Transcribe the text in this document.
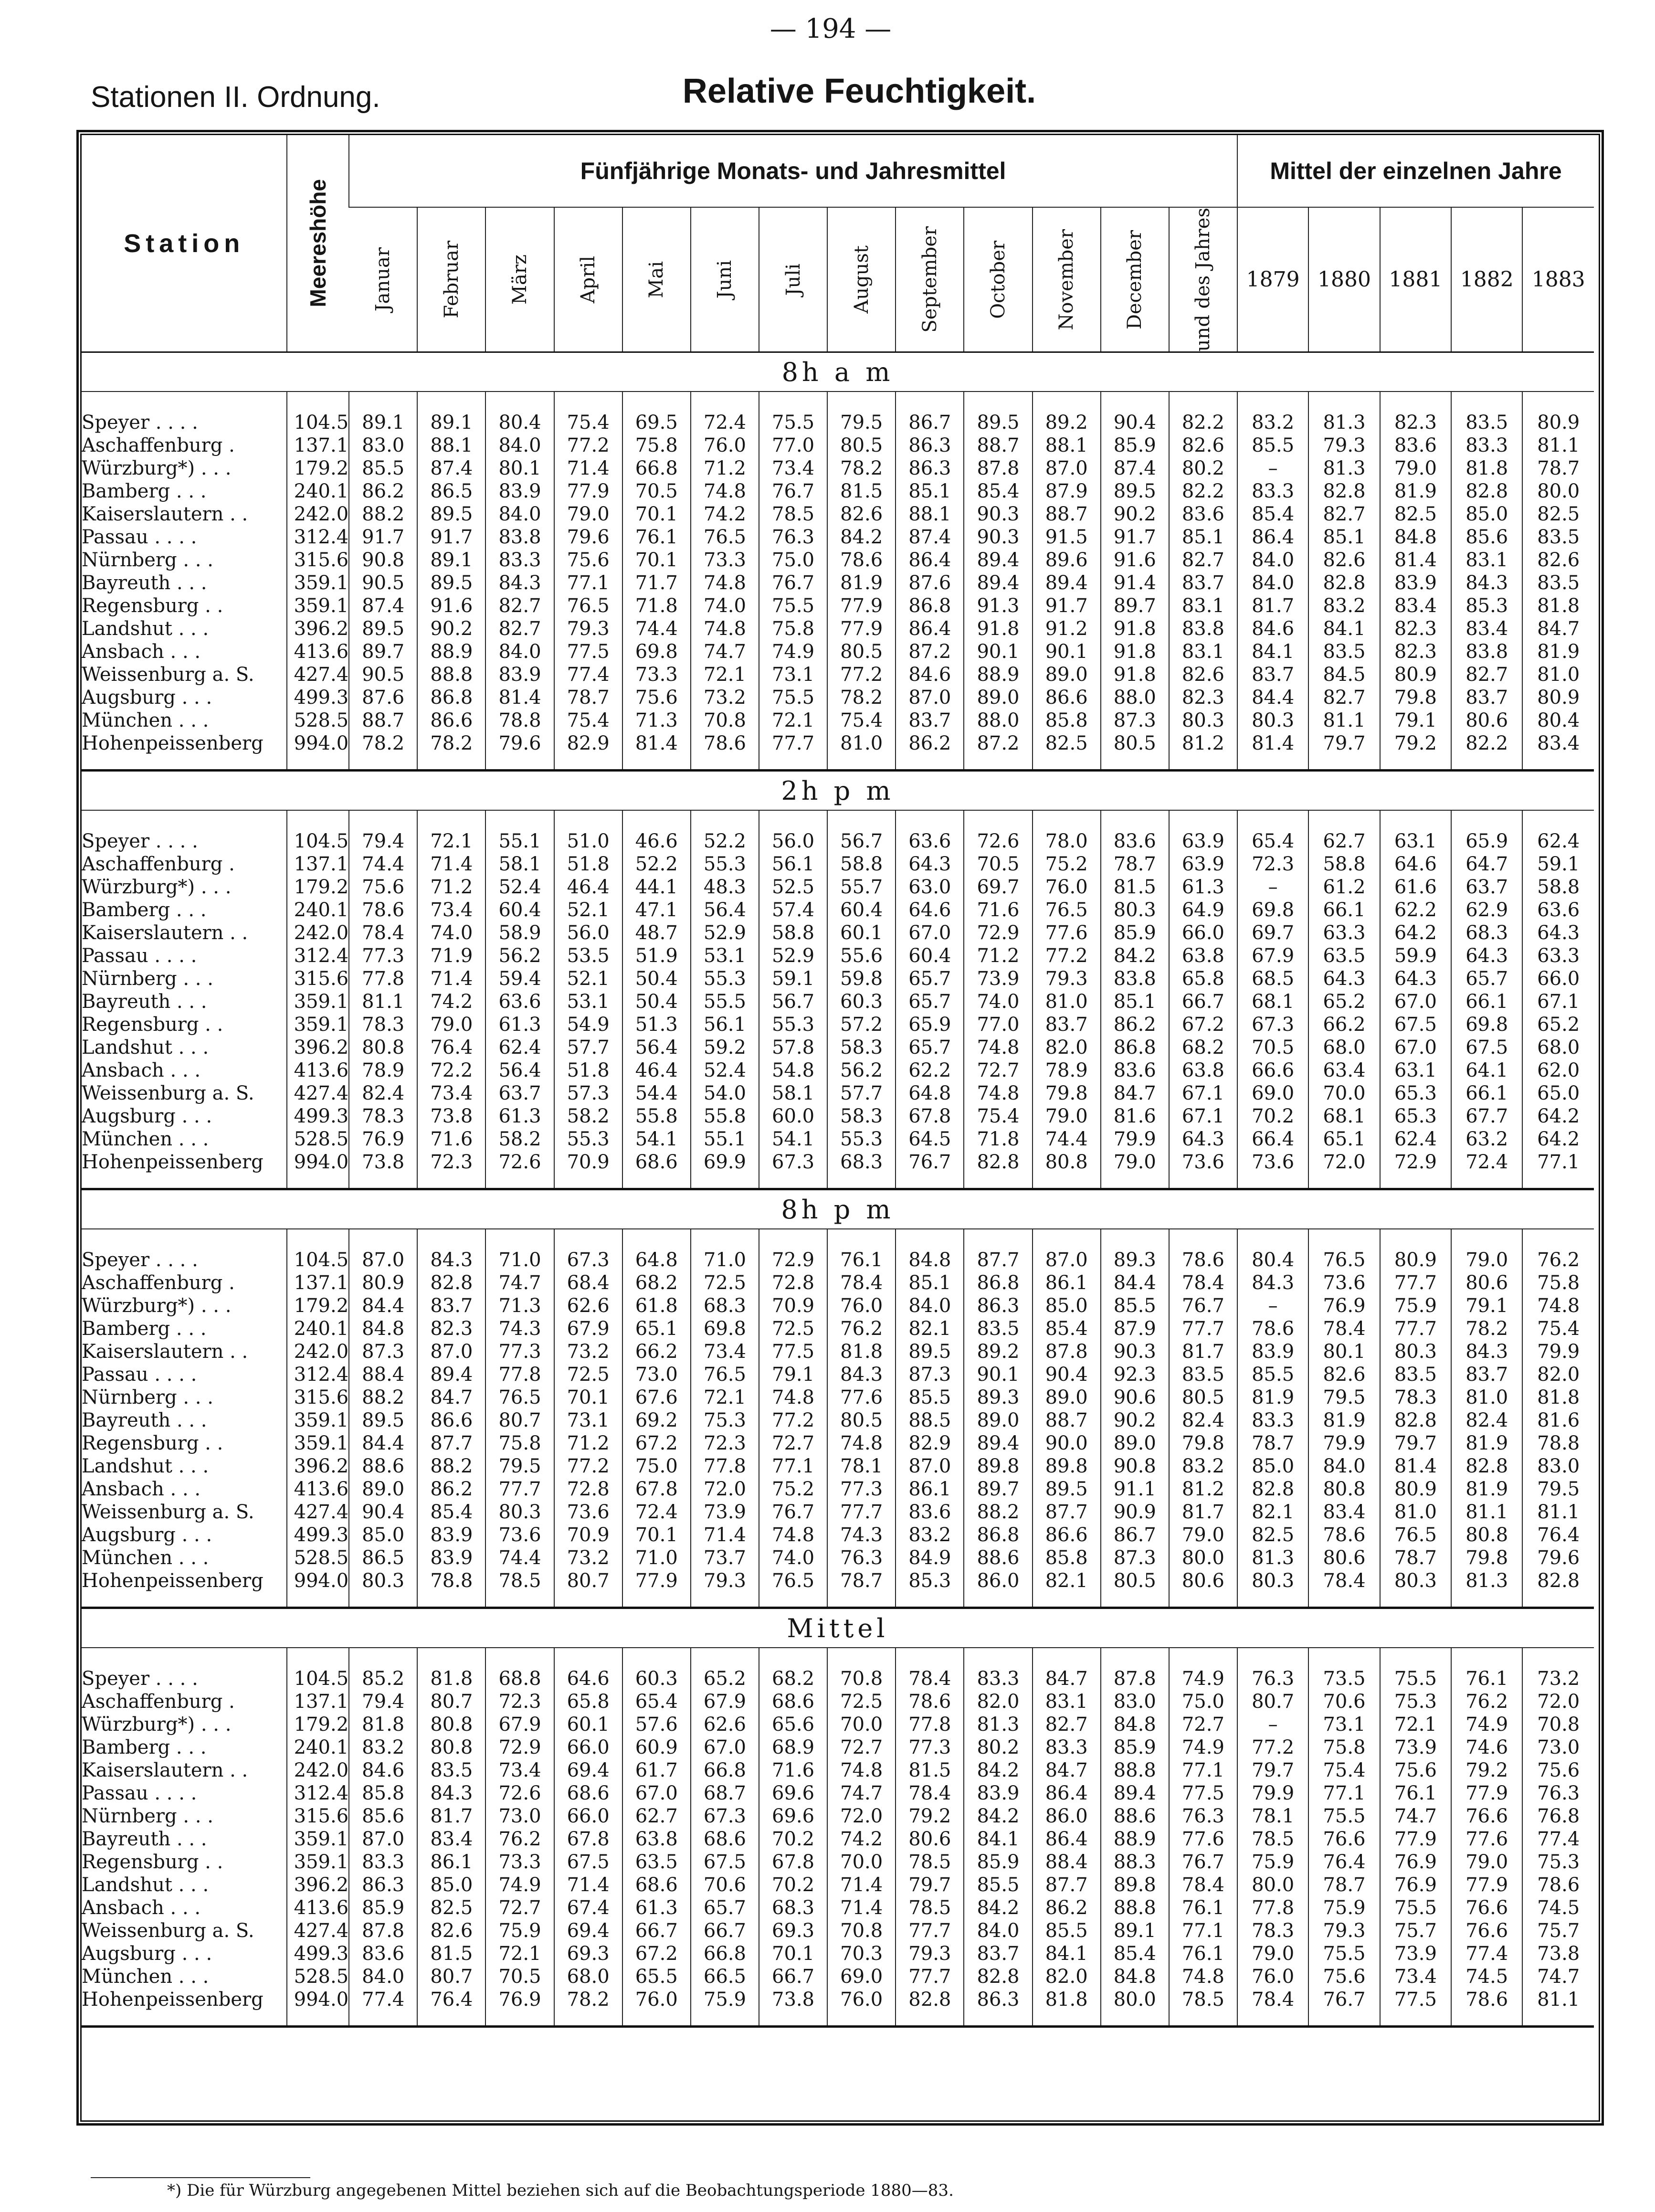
— 194 —
Stationen II. Ordnung.	Relative Feuchtigkeit.
Station	Meereshöhe	Fünfjährige Monats- und Jahresmittel													Mittel der einzelnen Jahre				

		Januar	Februar	März	April	Mai	Juni	Juli	August	September	October	November	December	und des Jahres	1879	1880	1881	1882	1883
8h a m																			

Speyer . . . .	104.5	89.1	89.1	80.4	75.4	69.5	72.4	75.5	79.5	86.7	89.5	89.2	90.4	82.2	83.2	81.3	82.3	83.5	80.9
Aschaffenburg .	137.1	83.0	88.1	84.0	77.2	75.8	76.0	77.0	80.5	86.3	88.7	88.1	85.9	82.6	85.5	79.3	83.6	83.3	81.1
Würzburg*) . . .	179.2	85.5	87.4	80.1	71.4	66.8	71.2	73.4	78.2	86.3	87.8	87.0	87.4	80.2	–	81.3	79.0	81.8	78.7
Bamberg . . .	240.1	86.2	86.5	83.9	77.9	70.5	74.8	76.7	81.5	85.1	85.4	87.9	89.5	82.2	83.3	82.8	81.9	82.8	80.0
Kaiserslautern . .	242.0	88.2	89.5	84.0	79.0	70.1	74.2	78.5	82.6	88.1	90.3	88.7	90.2	83.6	85.4	82.7	82.5	85.0	82.5
Passau . . . .	312.4	91.7	91.7	83.8	79.6	76.1	76.5	76.3	84.2	87.4	90.3	91.5	91.7	85.1	86.4	85.1	84.8	85.6	83.5
Nürnberg . . .	315.6	90.8	89.1	83.3	75.6	70.1	73.3	75.0	78.6	86.4	89.4	89.6	91.6	82.7	84.0	82.6	81.4	83.1	82.6
Bayreuth . . .	359.1	90.5	89.5	84.3	77.1	71.7	74.8	76.7	81.9	87.6	89.4	89.4	91.4	83.7	84.0	82.8	83.9	84.3	83.5
Regensburg . .	359.1	87.4	91.6	82.7	76.5	71.8	74.0	75.5	77.9	86.8	91.3	91.7	89.7	83.1	81.7	83.2	83.4	85.3	81.8
Landshut . . .	396.2	89.5	90.2	82.7	79.3	74.4	74.8	75.8	77.9	86.4	91.8	91.2	91.8	83.8	84.6	84.1	82.3	83.4	84.7
Ansbach . . .	413.6	89.7	88.9	84.0	77.5	69.8	74.7	74.9	80.5	87.2	90.1	90.1	91.8	83.1	84.1	83.5	82.3	83.8	81.9
Weissenburg a. S.	427.4	90.5	88.8	83.9	77.4	73.3	72.1	73.1	77.2	84.6	88.9	89.0	91.8	82.6	83.7	84.5	80.9	82.7	81.0
Augsburg . . .	499.3	87.6	86.8	81.4	78.7	75.6	73.2	75.5	78.2	87.0	89.0	86.6	88.0	82.3	84.4	82.7	79.8	83.7	80.9
München . . .	528.5	88.7	86.6	78.8	75.4	71.3	70.8	72.1	75.4	83.7	88.0	85.8	87.3	80.3	80.3	81.1	79.1	80.6	80.4
Hohenpeissenberg	994.0	78.2	78.2	79.6	82.9	81.4	78.6	77.7	81.0	86.2	87.2	82.5	80.5	81.2	81.4	79.7	79.2	82.2	83.4

2h p m																			

Speyer . . . .	104.5	79.4	72.1	55.1	51.0	46.6	52.2	56.0	56.7	63.6	72.6	78.0	83.6	63.9	65.4	62.7	63.1	65.9	62.4
Aschaffenburg .	137.1	74.4	71.4	58.1	51.8	52.2	55.3	56.1	58.8	64.3	70.5	75.2	78.7	63.9	72.3	58.8	64.6	64.7	59.1
Würzburg*) . . .	179.2	75.6	71.2	52.4	46.4	44.1	48.3	52.5	55.7	63.0	69.7	76.0	81.5	61.3	–	61.2	61.6	63.7	58.8
Bamberg . . .	240.1	78.6	73.4	60.4	52.1	47.1	56.4	57.4	60.4	64.6	71.6	76.5	80.3	64.9	69.8	66.1	62.2	62.9	63.6
Kaiserslautern . .	242.0	78.4	74.0	58.9	56.0	48.7	52.9	58.8	60.1	67.0	72.9	77.6	85.9	66.0	69.7	63.3	64.2	68.3	64.3
Passau . . . .	312.4	77.3	71.9	56.2	53.5	51.9	53.1	52.9	55.6	60.4	71.2	77.2	84.2	63.8	67.9	63.5	59.9	64.3	63.3
Nürnberg . . .	315.6	77.8	71.4	59.4	52.1	50.4	55.3	59.1	59.8	65.7	73.9	79.3	83.8	65.8	68.5	64.3	64.3	65.7	66.0
Bayreuth . . .	359.1	81.1	74.2	63.6	53.1	50.4	55.5	56.7	60.3	65.7	74.0	81.0	85.1	66.7	68.1	65.2	67.0	66.1	67.1
Regensburg . .	359.1	78.3	79.0	61.3	54.9	51.3	56.1	55.3	57.2	65.9	77.0	83.7	86.2	67.2	67.3	66.2	67.5	69.8	65.2
Landshut . . .	396.2	80.8	76.4	62.4	57.7	56.4	59.2	57.8	58.3	65.7	74.8	82.0	86.8	68.2	70.5	68.0	67.0	67.5	68.0
Ansbach . . .	413.6	78.9	72.2	56.4	51.8	46.4	52.4	54.8	56.2	62.2	72.7	78.9	83.6	63.8	66.6	63.4	63.1	64.1	62.0
Weissenburg a. S.	427.4	82.4	73.4	63.7	57.3	54.4	54.0	58.1	57.7	64.8	74.8	79.8	84.7	67.1	69.0	70.0	65.3	66.1	65.0
Augsburg . . .	499.3	78.3	73.8	61.3	58.2	55.8	55.8	60.0	58.3	67.8	75.4	79.0	81.6	67.1	70.2	68.1	65.3	67.7	64.2
München . . .	528.5	76.9	71.6	58.2	55.3	54.1	55.1	54.1	55.3	64.5	71.8	74.4	79.9	64.3	66.4	65.1	62.4	63.2	64.2
Hohenpeissenberg	994.0	73.8	72.3	72.6	70.9	68.6	69.9	67.3	68.3	76.7	82.8	80.8	79.0	73.6	73.6	72.0	72.9	72.4	77.1

8h p m																			

Speyer . . . .	104.5	87.0	84.3	71.0	67.3	64.8	71.0	72.9	76.1	84.8	87.7	87.0	89.3	78.6	80.4	76.5	80.9	79.0	76.2
Aschaffenburg .	137.1	80.9	82.8	74.7	68.4	68.2	72.5	72.8	78.4	85.1	86.8	86.1	84.4	78.4	84.3	73.6	77.7	80.6	75.8
Würzburg*) . . .	179.2	84.4	83.7	71.3	62.6	61.8	68.3	70.9	76.0	84.0	86.3	85.0	85.5	76.7	–	76.9	75.9	79.1	74.8
Bamberg . . .	240.1	84.8	82.3	74.3	67.9	65.1	69.8	72.5	76.2	82.1	83.5	85.4	87.9	77.7	78.6	78.4	77.7	78.2	75.4
Kaiserslautern . .	242.0	87.3	87.0	77.3	73.2	66.2	73.4	77.5	81.8	89.5	89.2	87.8	90.3	81.7	83.9	80.1	80.3	84.3	79.9
Passau . . . .	312.4	88.4	89.4	77.8	72.5	73.0	76.5	79.1	84.3	87.3	90.1	90.4	92.3	83.5	85.5	82.6	83.5	83.7	82.0
Nürnberg . . .	315.6	88.2	84.7	76.5	70.1	67.6	72.1	74.8	77.6	85.5	89.3	89.0	90.6	80.5	81.9	79.5	78.3	81.0	81.8
Bayreuth . . .	359.1	89.5	86.6	80.7	73.1	69.2	75.3	77.2	80.5	88.5	89.0	88.7	90.2	82.4	83.3	81.9	82.8	82.4	81.6
Regensburg . .	359.1	84.4	87.7	75.8	71.2	67.2	72.3	72.7	74.8	82.9	89.4	90.0	89.0	79.8	78.7	79.9	79.7	81.9	78.8
Landshut . . .	396.2	88.6	88.2	79.5	77.2	75.0	77.8	77.1	78.1	87.0	89.8	89.8	90.8	83.2	85.0	84.0	81.4	82.8	83.0
Ansbach . . .	413.6	89.0	86.2	77.7	72.8	67.8	72.0	75.2	77.3	86.1	89.7	89.5	91.1	81.2	82.8	80.8	80.9	81.9	79.5
Weissenburg a. S.	427.4	90.4	85.4	80.3	73.6	72.4	73.9	76.7	77.7	83.6	88.2	87.7	90.9	81.7	82.1	83.4	81.0	81.1	81.1
Augsburg . . .	499.3	85.0	83.9	73.6	70.9	70.1	71.4	74.8	74.3	83.2	86.8	86.6	86.7	79.0	82.5	78.6	76.5	80.8	76.4
München . . .	528.5	86.5	83.9	74.4	73.2	71.0	73.7	74.0	76.3	84.9	88.6	85.8	87.3	80.0	81.3	80.6	78.7	79.8	79.6
Hohenpeissenberg	994.0	80.3	78.8	78.5	80.7	77.9	79.3	76.5	78.7	85.3	86.0	82.1	80.5	80.6	80.3	78.4	80.3	81.3	82.8

Mittel																			

Speyer . . . .	104.5	85.2	81.8	68.8	64.6	60.3	65.2	68.2	70.8	78.4	83.3	84.7	87.8	74.9	76.3	73.5	75.5	76.1	73.2
Aschaffenburg .	137.1	79.4	80.7	72.3	65.8	65.4	67.9	68.6	72.5	78.6	82.0	83.1	83.0	75.0	80.7	70.6	75.3	76.2	72.0
Würzburg*) . . .	179.2	81.8	80.8	67.9	60.1	57.6	62.6	65.6	70.0	77.8	81.3	82.7	84.8	72.7	–	73.1	72.1	74.9	70.8
Bamberg . . .	240.1	83.2	80.8	72.9	66.0	60.9	67.0	68.9	72.7	77.3	80.2	83.3	85.9	74.9	77.2	75.8	73.9	74.6	73.0
Kaiserslautern . .	242.0	84.6	83.5	73.4	69.4	61.7	66.8	71.6	74.8	81.5	84.2	84.7	88.8	77.1	79.7	75.4	75.6	79.2	75.6
Passau . . . .	312.4	85.8	84.3	72.6	68.6	67.0	68.7	69.6	74.7	78.4	83.9	86.4	89.4	77.5	79.9	77.1	76.1	77.9	76.3
Nürnberg . . .	315.6	85.6	81.7	73.0	66.0	62.7	67.3	69.6	72.0	79.2	84.2	86.0	88.6	76.3	78.1	75.5	74.7	76.6	76.8
Bayreuth . . .	359.1	87.0	83.4	76.2	67.8	63.8	68.6	70.2	74.2	80.6	84.1	86.4	88.9	77.6	78.5	76.6	77.9	77.6	77.4
Regensburg . .	359.1	83.3	86.1	73.3	67.5	63.5	67.5	67.8	70.0	78.5	85.9	88.4	88.3	76.7	75.9	76.4	76.9	79.0	75.3
Landshut . . .	396.2	86.3	85.0	74.9	71.4	68.6	70.6	70.2	71.4	79.7	85.5	87.7	89.8	78.4	80.0	78.7	76.9	77.9	78.6
Ansbach . . .	413.6	85.9	82.5	72.7	67.4	61.3	65.7	68.3	71.4	78.5	84.2	86.2	88.8	76.1	77.8	75.9	75.5	76.6	74.5
Weissenburg a. S.	427.4	87.8	82.6	75.9	69.4	66.7	66.7	69.3	70.8	77.7	84.0	85.5	89.1	77.1	78.3	79.3	75.7	76.6	75.7
Augsburg . . .	499.3	83.6	81.5	72.1	69.3	67.2	66.8	70.1	70.3	79.3	83.7	84.1	85.4	76.1	79.0	75.5	73.9	77.4	73.8
München . . .	528.5	84.0	80.7	70.5	68.0	65.5	66.5	66.7	69.0	77.7	82.8	82.0	84.8	74.8	76.0	75.6	73.4	74.5	74.7
Hohenpeissenberg	994.0	77.4	76.4	76.9	78.2	76.0	75.9	73.8	76.0	82.8	86.3	81.8	80.0	78.5	78.4	76.7	77.5	78.6	81.1

*) Die für Würzburg angegebenen Mittel beziehen sich auf die Beobachtungsperiode 1880—83.
